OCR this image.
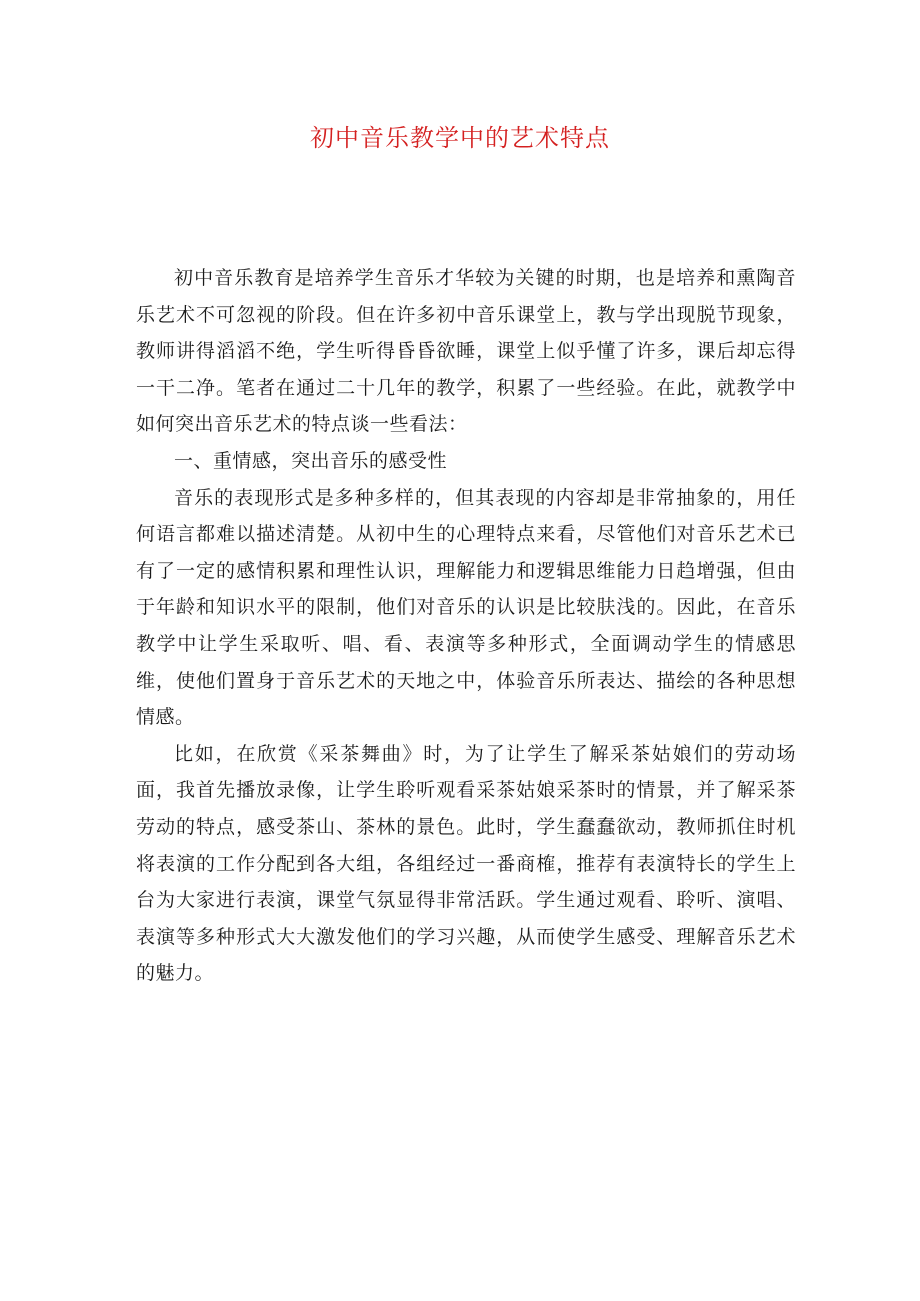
初中音乐教学中的艺术特点

初中音乐教育是培养学生音乐才华较为关键的时期，也是培养和熏陶音乐艺术不可忽视的阶段。但在许多初中音乐课堂上，教与学出现脱节现象，教师讲得滔滔不绝，学生听得昏昏欲睡，课堂上似乎懂了许多，课后却忘得一干二净。笔者在通过二十几年的教学，积累了一些经验。在此，就教学中如何突出音乐艺术的特点谈一些看法：

一、重情感，突出音乐的感受性

音乐的表现形式是多种多样的，但其表现的内容却是非常抽象的，用任何语言都难以描述清楚。从初中生的心理特点来看，尽管他们对音乐艺术已有了一定的感情积累和理性认识，理解能力和逻辑思维能力日趋增强，但由于年龄和知识水平的限制，他们对音乐的认识是比较肤浅的。因此，在音乐教学中让学生采取听、唱、看、表演等多种形式，全面调动学生的情感思维，使他们置身于音乐艺术的天地之中，体验音乐所表达、描绘的各种思想情感。

比如，在欣赏《采茶舞曲》时，为了让学生了解采茶姑娘们的劳动场面，我首先播放录像，让学生聆听观看采茶姑娘采茶时的情景，并了解采茶劳动的特点，感受茶山、茶林的景色。此时，学生蠢蠢欲动，教师抓住时机将表演的工作分配到各大组，各组经过一番商榷，推荐有表演特长的学生上台为大家进行表演，课堂气氛显得非常活跃。学生通过观看、聆听、演唱、表演等多种形式大大激发他们的学习兴趣，从而使学生感受、理解音乐艺术的魅力。
